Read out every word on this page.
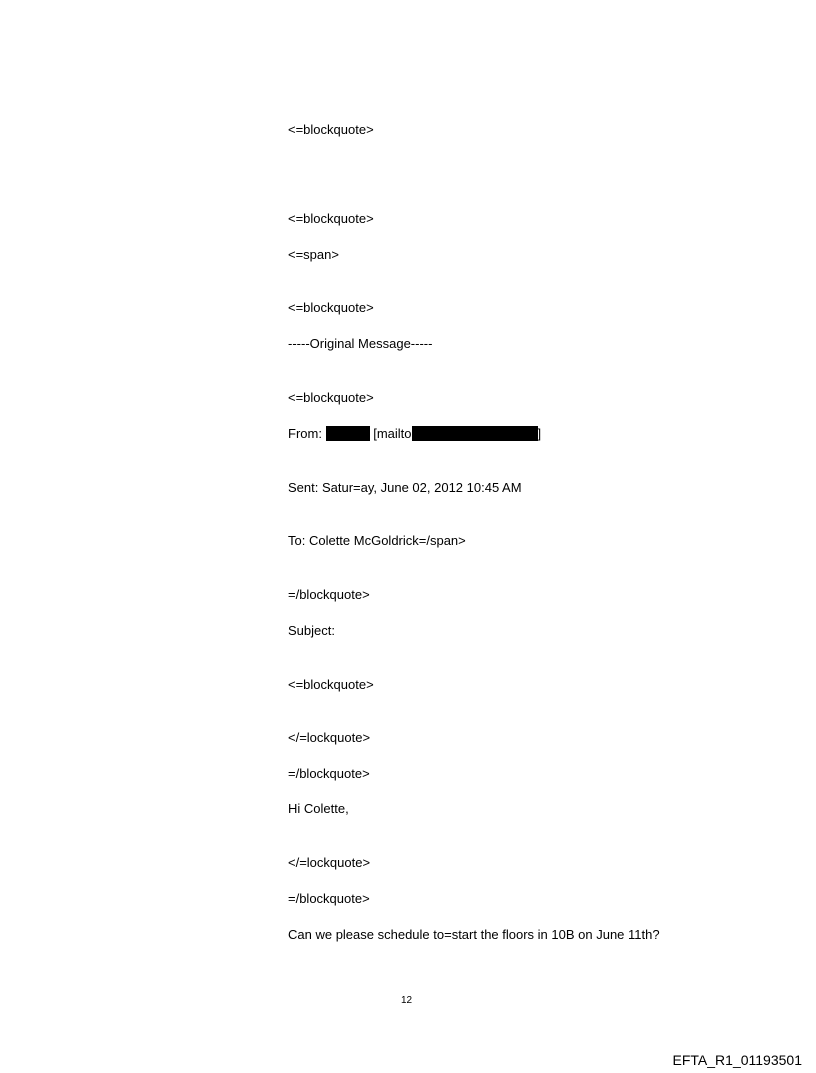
<=blockquote>
<=blockquote>
<=span>
<=blockquote>
-----Original Message-----
<=blockquote>
From:	[mailto	]
Sent: Satur=ay, June 02, 2012 10:45 AM
To: Colette McGoldrick=/span>
=/blockquote>
Subject:
<=blockquote>
</=lockquote>
=/blockquote>
Hi Colette,
</=lockquote>
=/blockquote>
Can we please schedule to=start the floors in 10B on June 11th?
12
EFTA_R1_01193501
